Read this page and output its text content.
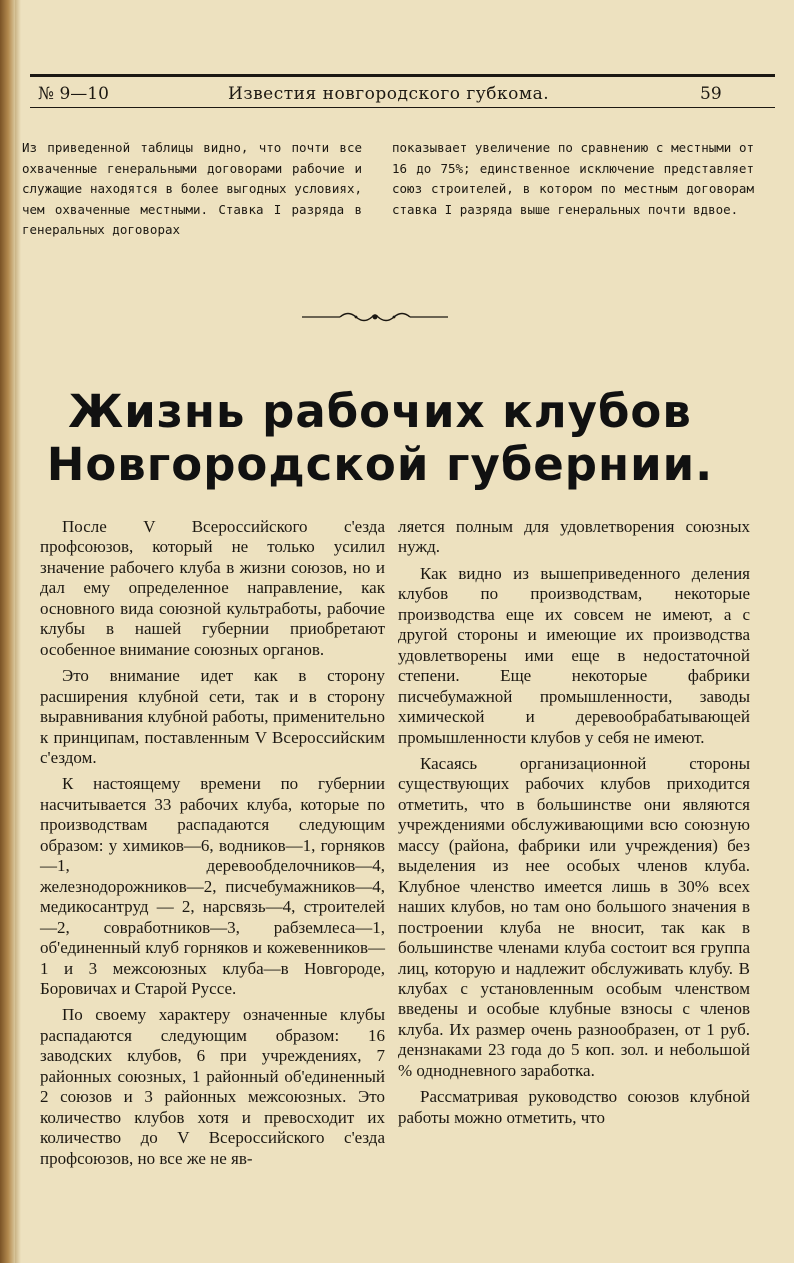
№ 9—10	Известия новгородского губкома.	59

Из приведенной таблицы видно, что почти все охваченные генеральными договорами рабочие и служащие находятся в более выгодных условиях, чем охваченные местными. Ставка I разряда в генеральных договорах

показывает увеличение по сравнению с местными от 16 до 75%; единственное исключение представляет союз строителей, в котором по местным договорам ставка I разряда выше генеральных почти вдвое.

Жизнь рабочих клубов Новгородской губернии.

После V Всероссийского с'езда профсоюзов, который не только усилил значение рабочего клуба в жизни союзов, но и дал ему определенное направление, как основного вида союзной культработы, рабочие клубы в нашей губернии приобретают особенное внимание союзных органов.

Это внимание идет как в сторону расширения клубной сети, так и в сторону выравнивания клубной работы, применительно к принципам, поставленным V Всероссийским с'ездом.

К настоящему времени по губернии насчитывается 33 рабочих клуба, которые по производствам распадаются следующим образом: у химиков—6, водников—1, горняков—1, деревообделочников—4, железнодорожников—2, писчебумажников—4, медикосантруд — 2, нарсвязь—4, строителей—2, совработников—3, рабземлеса—1, об'единенный клуб горняков и кожевенников—1 и 3 межсоюзных клуба—в Новгороде, Боровичах и Старой Руссе.

По своему характеру означенные клубы распадаются следующим образом: 16 заводских клубов, 6 при учреждениях, 7 районных союзных, 1 районный об'единенный 2 союзов и 3 районных межсоюзных. Это количество клубов хотя и превосходит их количество до V Всероссийского с'езда профсоюзов, но все же не яв-

ляется полным для удовлетворения союзных нужд.

Как видно из вышеприведенного деления клубов по производствам, некоторые производства еще их совсем не имеют, а с другой стороны и имеющие их производства удовлетворены ими еще в недостаточной степени. Еще некоторые фабрики писчебумажной промышленности, заводы химической и деревообрабатывающей промышленности клубов у себя не имеют.

Касаясь организационной стороны существующих рабочих клубов приходится отметить, что в большинстве они являются учреждениями обслуживающими всю союзную массу (района, фабрики или учреждения) без выделения из нее особых членов клуба. Клубное членство имеется лишь в 30% всех наших клубов, но там оно большого значения в построении клуба не вносит, так как в большинстве членами клуба состоит вся группа лиц, которую и надлежит обслуживать клубу. В клубах с установленным особым членством введены и особые клубные взносы с членов клуба. Их размер очень разнообразен, от 1 руб. дензнаками 23 года до 5 коп. зол. и небольшой % однодневного заработка.

Рассматривая руководство союзов клубной работы можно отметить, что
